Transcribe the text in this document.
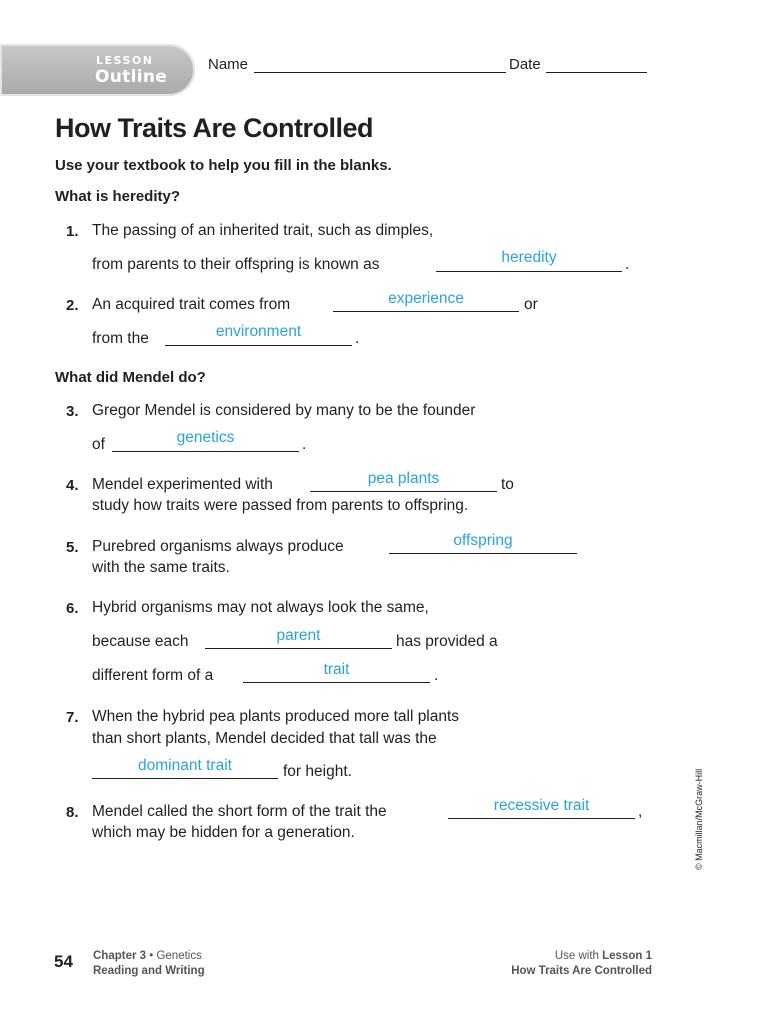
LESSON
Outline
Name	Date
How Traits Are Controlled
Use your textbook to help you fill in the blanks.
What is heredity?
1. The passing of an inherited trait, such as dimples,
from parents to their offspring is known as	heredity	.
2. An acquired trait comes from	experience	or
from the	environment	.
What did Mendel do?
3. Gregor Mendel is considered by many to be the founder
of	genetics	.
4. Mendel experimented with	pea plants	to
study how traits were passed from parents to offspring.
5. Purebred organisms always produce	offspring
with the same traits.
6. Hybrid organisms may not always look the same,
because each	parent	has provided a
different form of a	trait	.
7. When the hybrid pea plants produced more tall plants
than short plants, Mendel decided that tall was the
dominant trait	for height.
8. Mendel called the short form of the trait the	recessive trait	,
which may be hidden for a generation.	© Macmillan/McGraw-Hill
54 Chapter 3 • Genetics
Reading and Writing
Use with Lesson 1
How Traits Are Controlled
